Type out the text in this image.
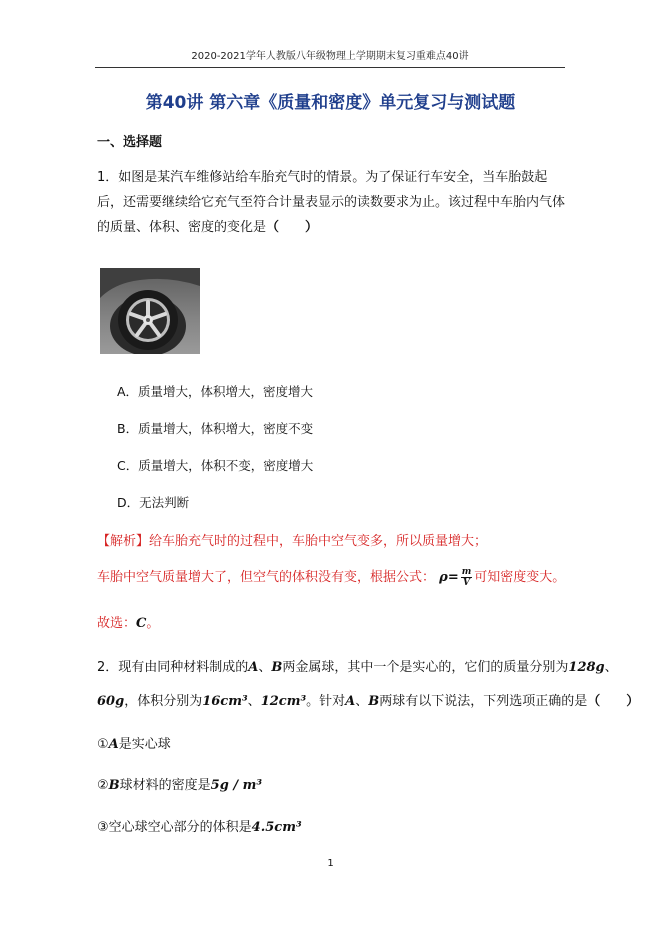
2020-2021学年人教版八年级物理上学期期末复习重难点40讲
第40讲 第六章《质量和密度》单元复习与测试题
一、选择题
1．如图是某汽车维修站给车胎充气时的情景。为了保证行车安全，当车胎鼓起后，还需要继续给它充气至符合计量表显示的读数要求为止。该过程中车胎内气体的质量、体积、密度的变化是（　　）
A．质量增大，体积增大，密度增大
B．质量增大，体积增大，密度不变
C．质量增大，体积不变，密度增大
D．无法判断
【解析】给车胎充气时的过程中，车胎中空气变多，所以质量增大；
车胎中空气质量增大了，但空气的体积没有变，根据公式： $\rho= \frac{m}{V}$ 可知密度变大。
故选：C。
2．现有由同种材料制成的A、B两金属球，其中一个是实心的，它们的质量分别为128g、
60g，体积分别为16cm³、12cm³。针对A、B两球有以下说法，下列选项正确的是（　　）
①A是实心球
②B球材料的密度是5g / m³
③空心球空心部分的体积是4.5cm³
1
